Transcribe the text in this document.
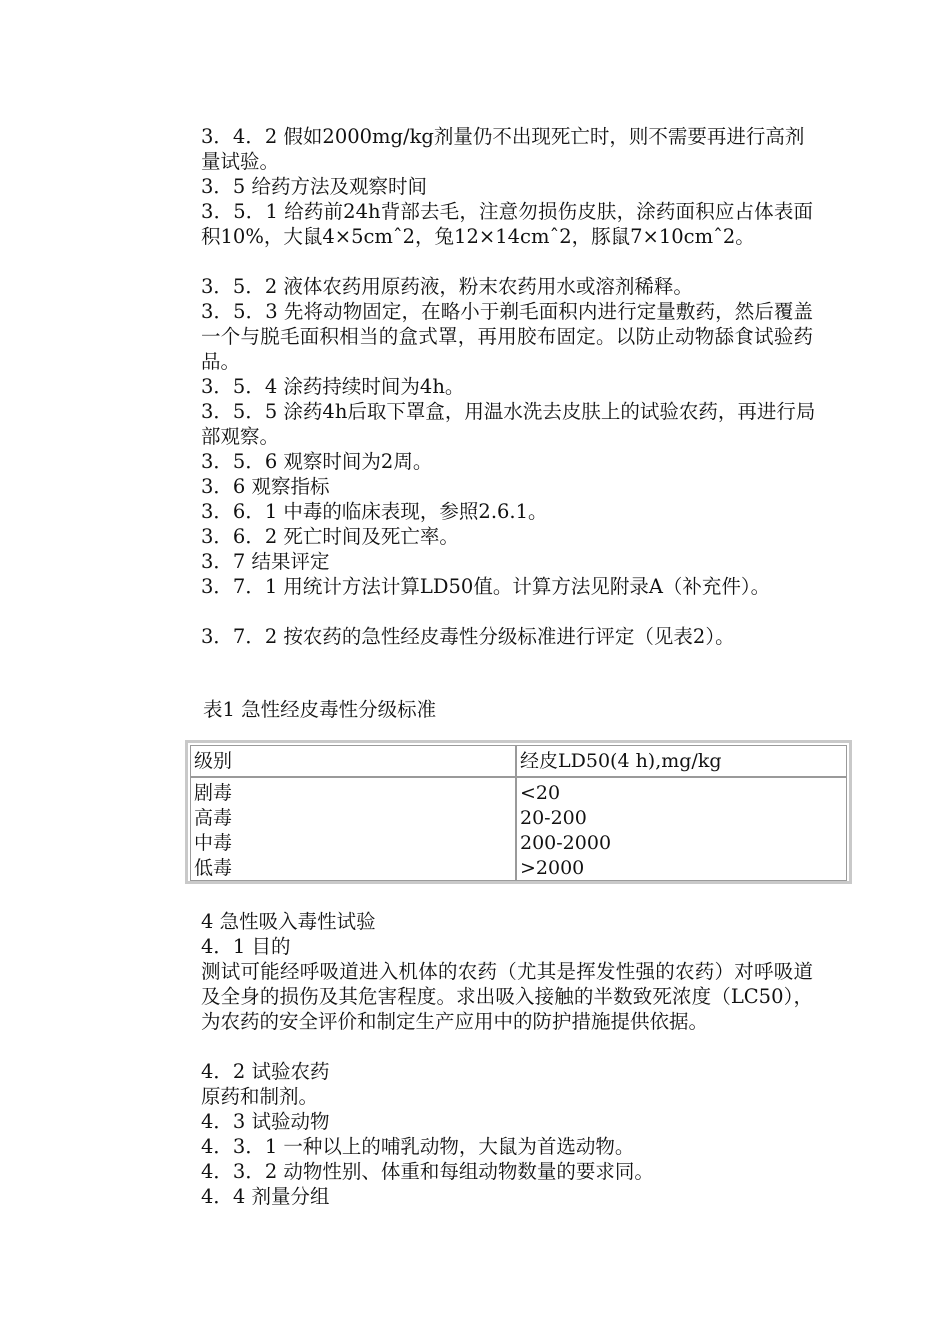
3．4．2 假如2000mg/kg剂量仍不出现死亡时，则不需要再进行高剂量试验。

3．5 给药方法及观察时间

3．5．1 给药前24h背部去毛，注意勿损伤皮肤，涂药面积应占体表面积10%，大鼠4×5cmˆ2，兔12×14cmˆ2，豚鼠7×10cmˆ2。

3．5．2 液体农药用原药液，粉末农药用水或溶剂稀释。

3．5．3 先将动物固定，在略小于剃毛面积内进行定量敷药，然后覆盖一个与脱毛面积相当的盒式罩，再用胶布固定。以防止动物舔食试验药品。

3．5．4 涂药持续时间为4h。

3．5．5 涂药4h后取下罩盒，用温水洗去皮肤上的试验农药，再进行局部观察。

3．5．6 观察时间为2周。

3．6 观察指标

3．6．1 中毒的临床表现，参照2.6.1。

3．6．2 死亡时间及死亡率。

3．7 结果评定

3．7．1 用统计方法计算LD50值。计算方法见附录A（补充件）。

3．7．2 按农药的急性经皮毒性分级标准进行评定（见表2）。

表1 急性经皮毒性分级标准
级别	经皮LD50(4 h),mg/kg
剧毒
高毒
中毒
低毒
<20
20-200
200-2000
>2000

4 急性吸入毒性试验

4．1 目的

测试可能经呼吸道进入机体的农药（尤其是挥发性强的农药）对呼吸道及全身的损伤及其危害程度。求出吸入接触的半数致死浓度（LC50），为农药的安全评价和制定生产应用中的防护措施提供依据。

4．2 试验农药

原药和制剂。

4．3 试验动物

4．3．1 一种以上的哺乳动物，大鼠为首选动物。

4．3．2 动物性别、体重和每组动物数量的要求同。

4．4 剂量分组
